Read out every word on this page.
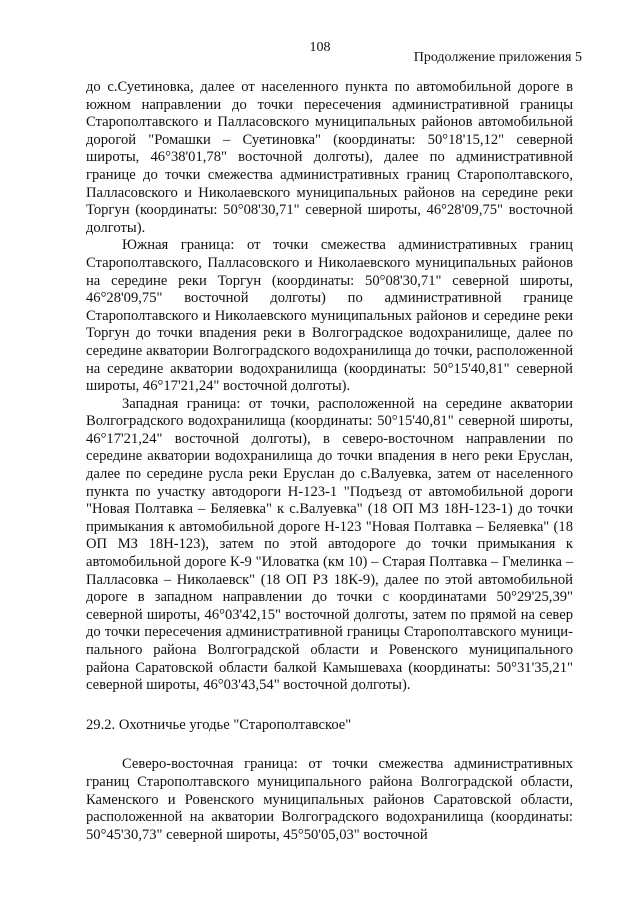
108
Продолжение приложения 5

до с.Суетиновка, далее от населенного пункта по автомобильной дороге в южном направлении до точки пересечения административной границы Старополтавского и Палласовского муниципальных районов автомобильной дорогой "Ромашки – Суетиновка" (координаты: 50°18'15,12" северной широты, 46°38'01,78" восточной долготы), далее по административной границе до точки смежества административных границ Старополтавского, Палласовского и Николаевского муниципальных районов на середине реки Торгун (координаты: 50°08'30,71" северной широты, 46°28'09,75" восточной долготы).

Южная граница: от точки смежества административных границ Старополтавского, Палласовского и Николаевского муниципальных районов на середине реки Торгун (координаты: 50°08'30,71" северной широты, 46°28'09,75" восточной долготы) по административной границе Старополтавского и Николаевского муниципальных районов и середине реки Торгун до точки впадения реки в Волгоградское водохранилище, далее по середине акватории Волгоградского водохранилища до точки, расположенной на середине акватории водохранилища (координаты: 50°15'40,81" северной широты, 46°17'21,24" восточной долготы).

Западная граница: от точки, расположенной на середине акватории Волгоградского водохранилища (координаты: 50°15'40,81" северной широты, 46°17'21,24" восточной долготы), в северо-восточном направлении по середине акватории водохранилища до точки впадения в него реки Еруслан, далее по середине русла реки Еруслан до с.Валуевка, затем от населенного пункта по участку автодороги Н-123-1 "Подъезд от автомобильной дороги "Новая Полтавка – Беляевка" к с.Валуевка" (18 ОП МЗ 18Н-123-1) до точки примыкания к автомобильной дороге Н-123 "Новая Полтавка – Беляевка" (18 ОП МЗ 18Н-123), затем по этой автодороге до точки примыкания к автомобильной дороге К-9 "Иловатка (км 10) – Старая Полтавка – Гмелинка – Палласовка – Николаевск" (18 ОП РЗ 18К-9), далее по этой автомобильной дороге в западном направлении до точки с координатами 50°29'25,39" северной широты, 46°03'42,15" восточной долготы, затем по прямой на север до точки пересечения административной границы Старополтавского муниципального района Волгоградской области и Ровенского муниципального района Саратовской области балкой Камышеваха (координаты: 50°31'35,21" северной широты, 46°03'43,54" восточной долготы).

29.2. Охотничье угодье "Старополтавское"

Северо-восточная граница: от точки смежества административных границ Старополтавского муниципального района Волгоградской области, Каменского и Ровенского муниципальных районов Саратовской области, расположенной на акватории Волгоградского водохранилища (координаты: 50°45'30,73" северной широты, 45°50'05,03" восточной
